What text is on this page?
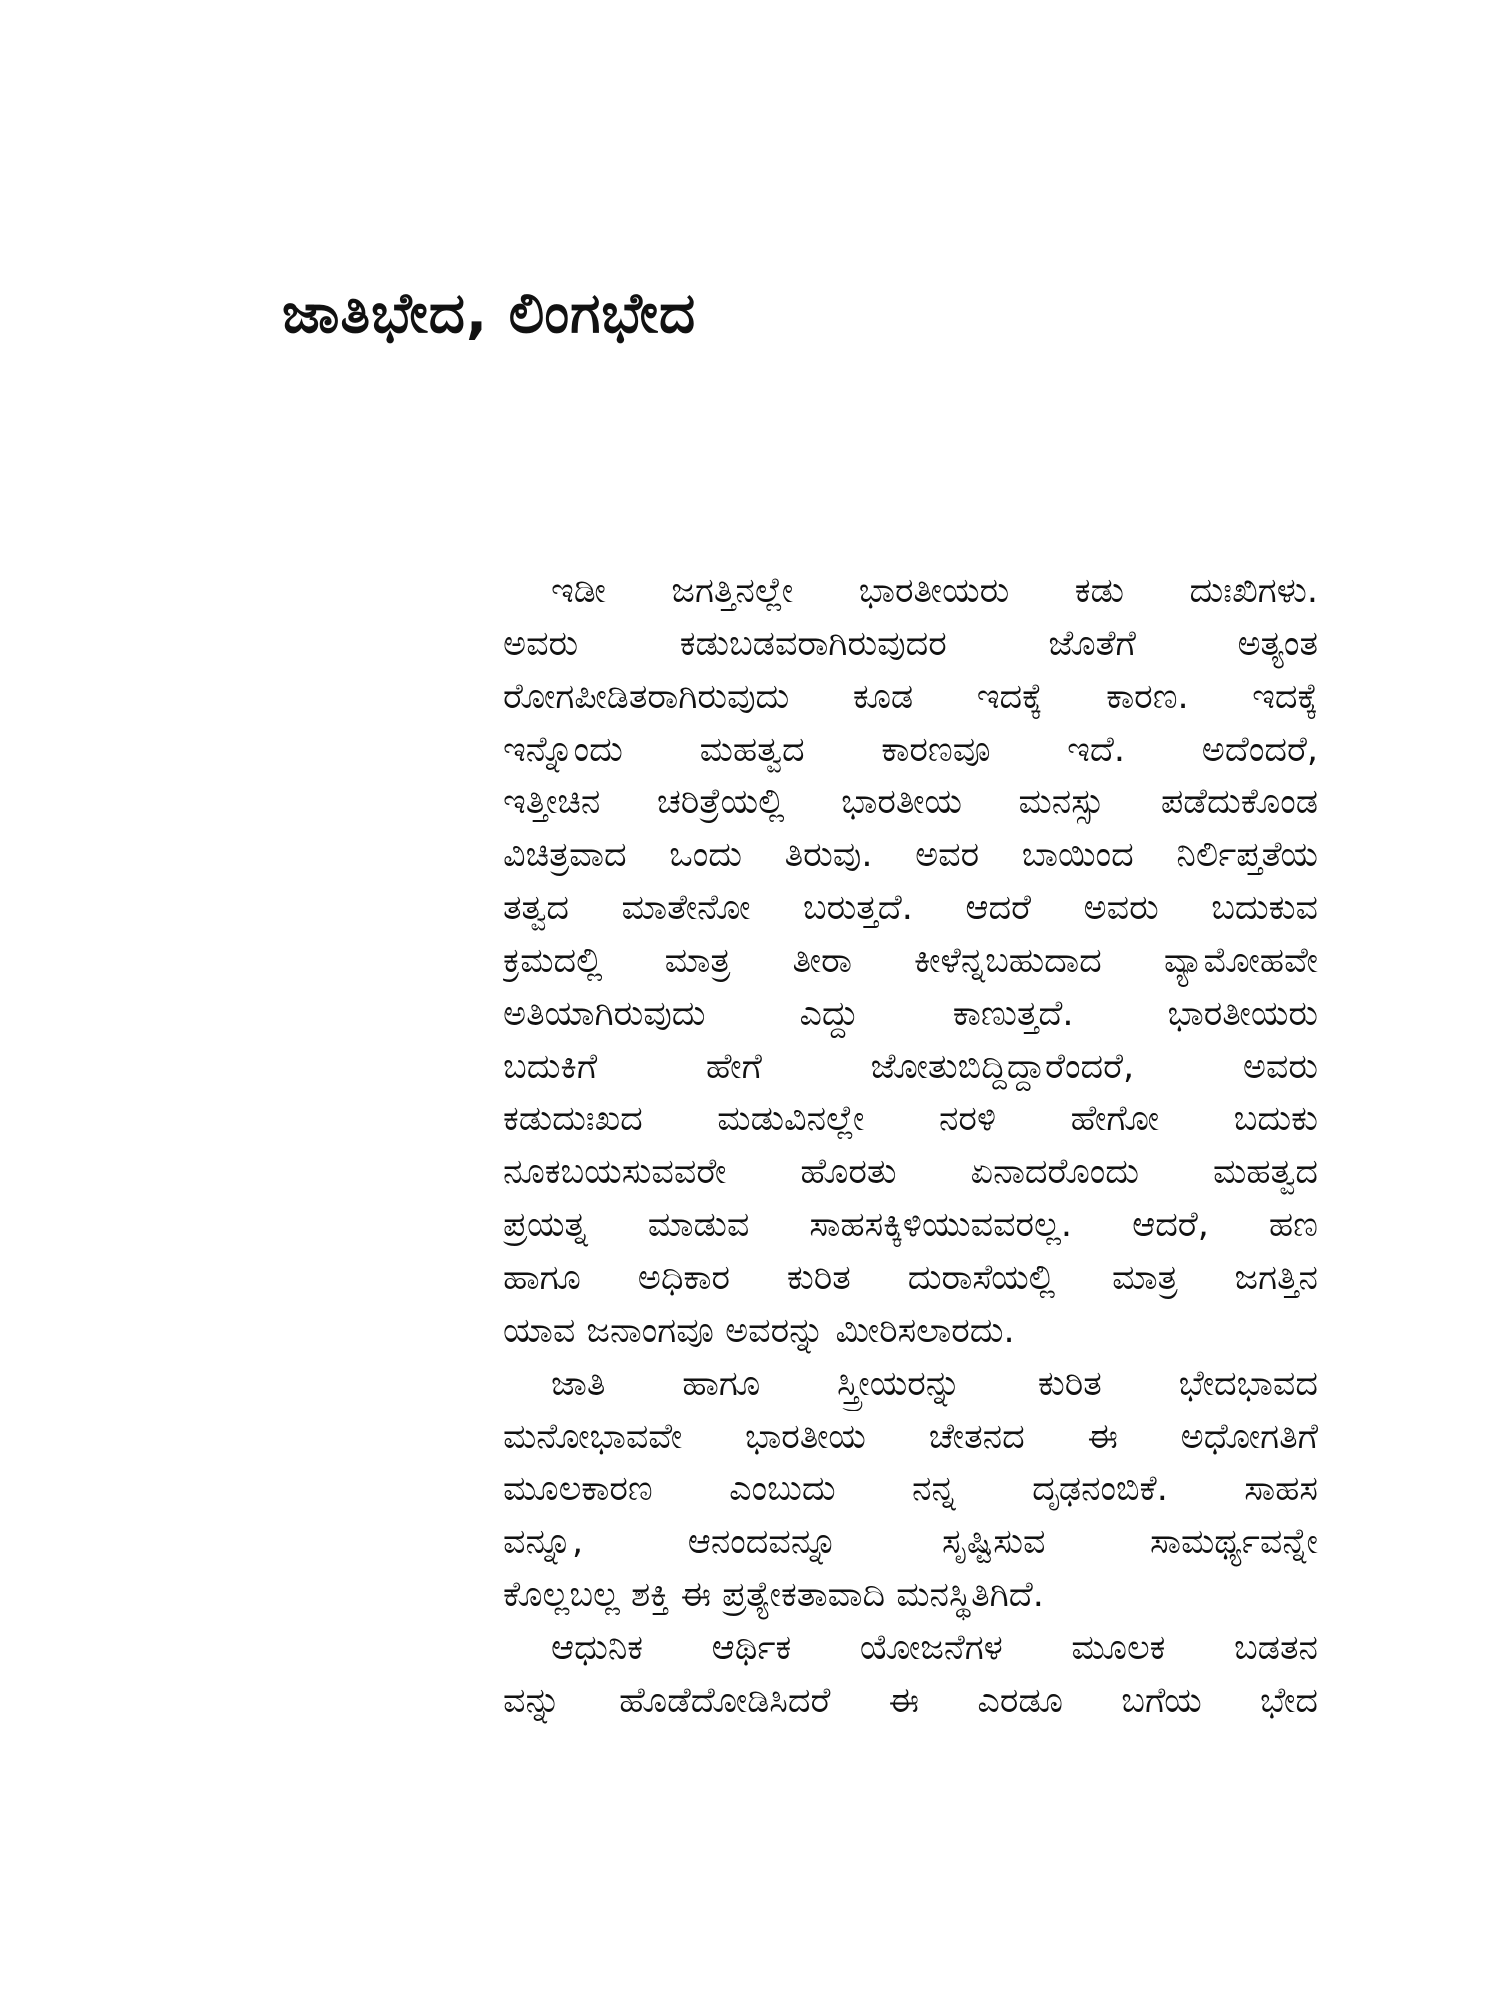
ಜಾತಿಭೇದ, ಲಿಂಗಭೇದ
ಇಡೀ ಜಗತ್ತಿನಲ್ಲೇ ಭಾರತೀಯರು ಕಡು ದುಃಖಿಗಳು.
ಅವರು ಕಡುಬಡವರಾಗಿರುವುದರ ಜೊತೆಗೆ ಅತ್ಯಂತ
ರೋಗಪೀಡಿತರಾಗಿರುವುದು ಕೂಡ ಇದಕ್ಕೆ ಕಾರಣ. ಇದಕ್ಕೆ
ಇನ್ನೊಂದು ಮಹತ್ವದ ಕಾರಣವೂ ಇದೆ. ಅದೆಂದರೆ,
ಇತ್ತೀಚಿನ ಚರಿತ್ರೆಯಲ್ಲಿ ಭಾರತೀಯ ಮನಸ್ಸು ಪಡೆದುಕೊಂಡ
ವಿಚಿತ್ರವಾದ ಒಂದು ತಿರುವು. ಅವರ ಬಾಯಿಂದ ನಿರ್ಲಿಪ್ತತೆಯ
ತತ್ವದ ಮಾತೇನೋ ಬರುತ್ತದೆ. ಆದರೆ ಅವರು ಬದುಕುವ
ಕ್ರಮದಲ್ಲಿ ಮಾತ್ರ ತೀರಾ ಕೀಳೆನ್ನಬಹುದಾದ ವ್ಯಾಮೋಹವೇ
ಅತಿಯಾಗಿರುವುದು ಎದ್ದು ಕಾಣುತ್ತದೆ. ಭಾರತೀಯರು
ಬದುಕಿಗೆ ಹೇಗೆ ಜೋತುಬಿದ್ದಿದ್ದಾರೆಂದರೆ, ಅವರು
ಕಡುದುಃಖದ ಮಡುವಿನಲ್ಲೇ ನರಳಿ ಹೇಗೋ ಬದುಕು
ನೂಕಬಯಸುವವರೇ ಹೊರತು ಏನಾದರೊಂದು ಮಹತ್ವದ
ಪ್ರಯತ್ನ ಮಾಡುವ ಸಾಹಸಕ್ಕಿಳಿಯುವವರಲ್ಲ. ಆದರೆ, ಹಣ
ಹಾಗೂ ಅಧಿಕಾರ ಕುರಿತ ದುರಾಸೆಯಲ್ಲಿ ಮಾತ್ರ ಜಗತ್ತಿನ
ಯಾವ ಜನಾಂಗವೂ ಅವರನ್ನು ಮೀರಿಸಲಾರದು.
ಜಾತಿ ಹಾಗೂ ಸ್ತ್ರೀಯರನ್ನು ಕುರಿತ ಭೇದಭಾವದ
ಮನೋಭಾವವೇ ಭಾರತೀಯ ಚೇತನದ ಈ ಅಧೋಗತಿಗೆ
ಮೂಲಕಾರಣ ಎಂಬುದು ನನ್ನ ದೃಢನಂಬಿಕೆ. ಸಾಹಸ
ವನ್ನೂ, ಆನಂದವನ್ನೂ ಸೃಷ್ಟಿಸುವ ಸಾಮರ್ಥ್ಯವನ್ನೇ
ಕೊಲ್ಲಬಲ್ಲ ಶಕ್ತಿ ಈ ಪ್ರತ್ಯೇಕತಾವಾದಿ ಮನಸ್ಥಿತಿಗಿದೆ.
ಆಧುನಿಕ ಆರ್ಥಿಕ ಯೋಜನೆಗಳ ಮೂಲಕ ಬಡತನ
ವನ್ನು ಹೊಡೆದೋಡಿಸಿದರೆ ಈ ಎರಡೂ ಬಗೆಯ ಭೇದ
